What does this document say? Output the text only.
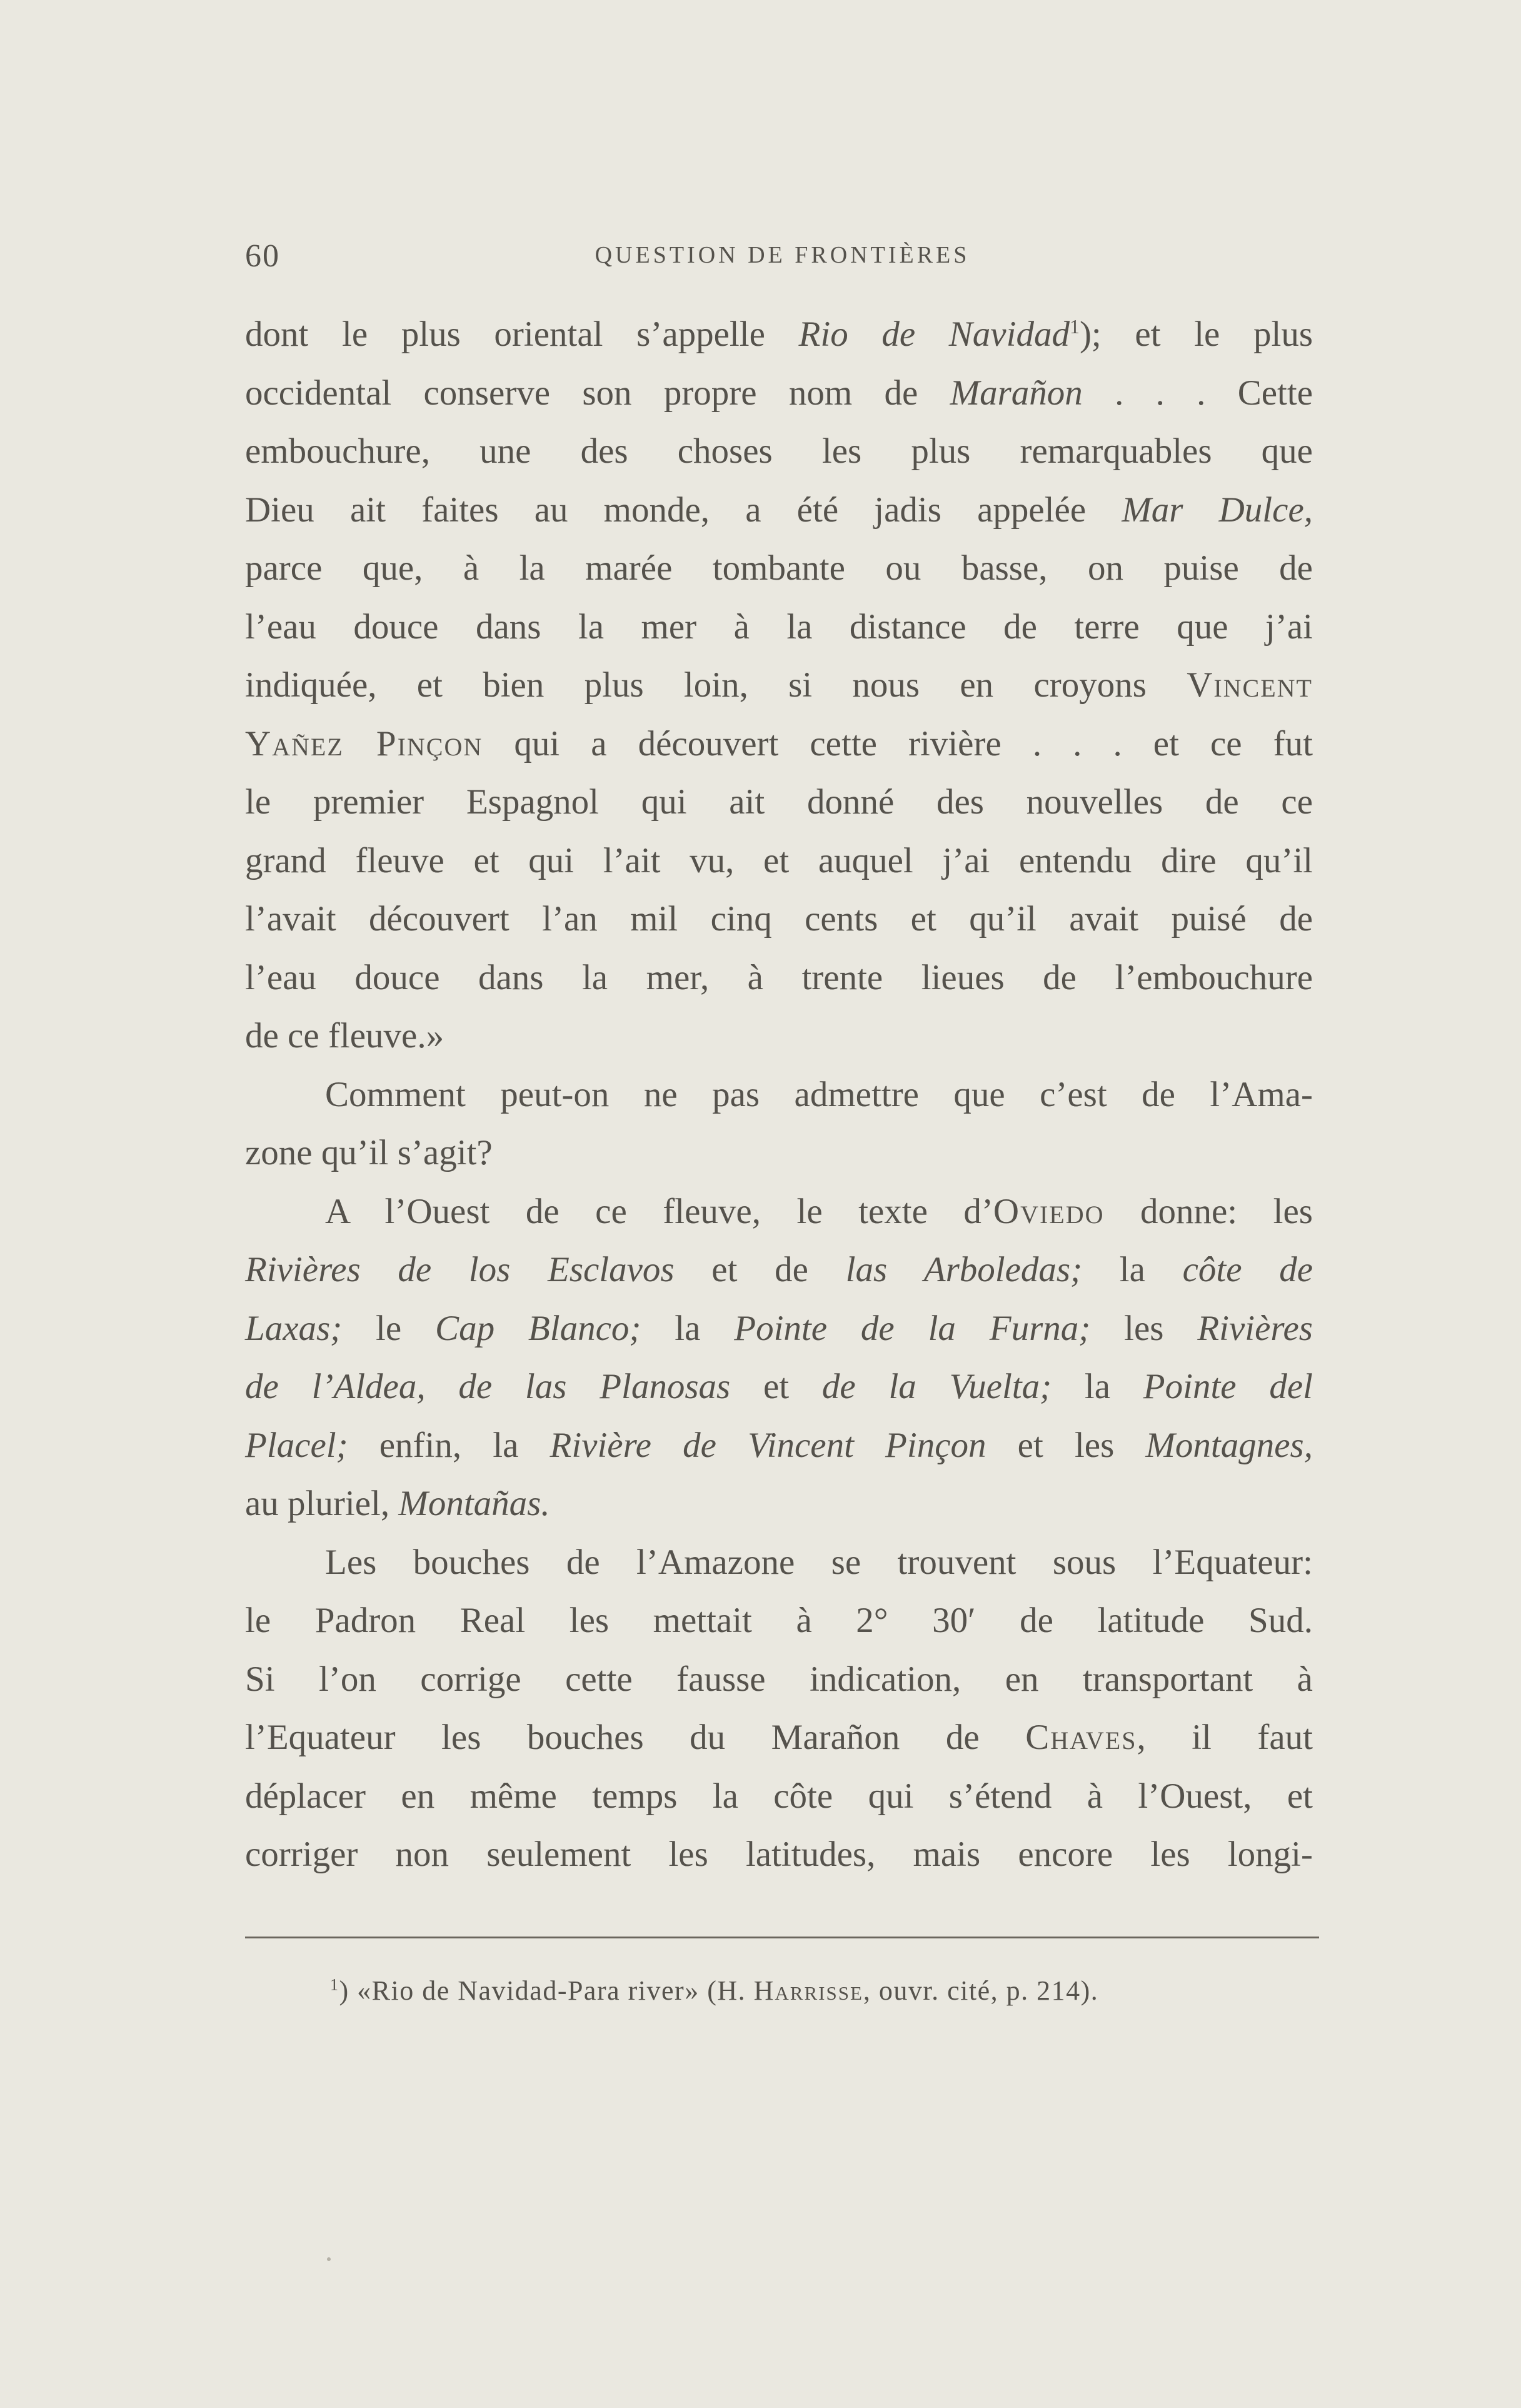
60	QUESTION DE FRONTIÈRES
dont le plus oriental s’appelle Rio de Navidad$^1$); et le plus
occidental conserve son propre nom de Marañon . . . Cette
embouchure, une des choses les plus remarquables que
Dieu ait faites au monde, a été jadis appelée Mar Dulce,
parce que, à la marée tombante ou basse, on puise de
l’eau douce dans la mer à la distance de terre que j’ai
indiquée, et bien plus loin, si nous en croyons Vincent
Yañez Pinçon qui a découvert cette rivière . . . et ce fut
le premier Espagnol qui ait donné des nouvelles de ce
grand fleuve et qui l’ait vu, et auquel j’ai entendu dire qu’il
l’avait découvert l’an mil cinq cents et qu’il avait puisé de
l’eau douce dans la mer, à trente lieues de l’embouchure
de ce fleuve.»
Comment peut-on ne pas admettre que c’est de l’Ama-
zone qu’il s’agit?
A l’Ouest de ce fleuve, le texte d’Oviedo donne: les
Rivières de los Esclavos et de las Arboledas; la côte de
Laxas; le Cap Blanco; la Pointe de la Furna; les Rivières
de l’Aldea, de las Planosas et de la Vuelta; la Pointe del
Placel; enfin, la Rivière de Vincent Pinçon et les Montagnes,
au pluriel, Montañas.
Les bouches de l’Amazone se trouvent sous l’Equateur:
le Padron Real les mettait à 2° 30′ de latitude Sud.
Si l’on corrige cette fausse indication, en transportant à
l’Equateur les bouches du Marañon de Chaves, il faut
déplacer en même temps la côte qui s’étend à l’Ouest, et
corriger non seulement les latitudes, mais encore les longi-
$^1$) «Rio de Navidad-Para river» (H. Harrisse, ouvr. cité, p. 214).
